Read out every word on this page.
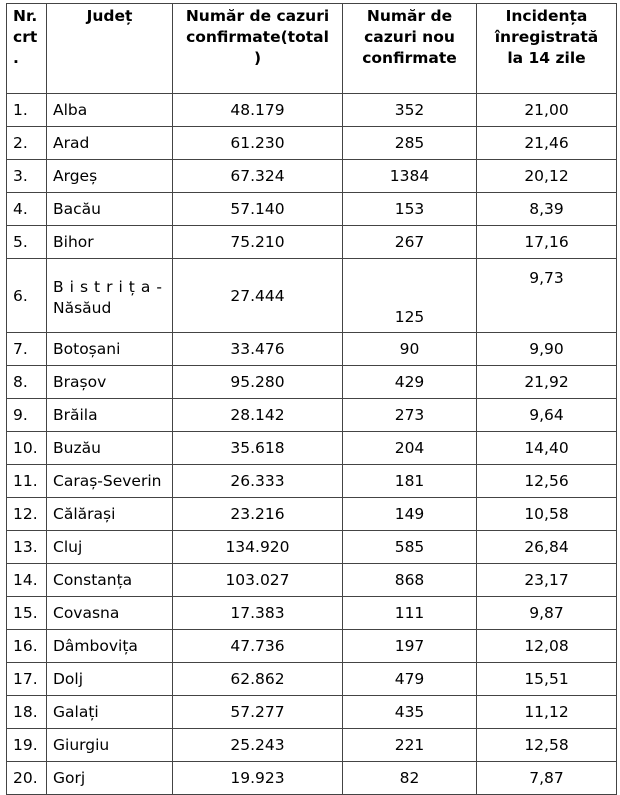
Nr.
crt
.	Județ	Număr de cazuri
confirmate(total
)	Număr de
cazuri nou
confirmate	Incidența
înregistrată
la 14 zile
1.	Alba	48.179	352	21,00
2.	Arad	61.230	285	21,46
3.	Argeș	67.324	1384	20,12
4.	Bacău	57.140	153	8,39
5.	Bihor	75.210	267	17,16
6.	Bistrița-
Năsăud	27.444	125	9,73
7.	Botoșani	33.476	90	9,90
8.	Brașov	95.280	429	21,92
9.	Brăila	28.142	273	9,64
10.	Buzău	35.618	204	14,40
11.	Caraș-Severin	26.333	181	12,56
12.	Călărași	23.216	149	10,58
13.	Cluj	134.920	585	26,84
14.	Constanța	103.027	868	23,17
15.	Covasna	17.383	111	9,87
16.	Dâmbovița	47.736	197	12,08
17.	Dolj	62.862	479	15,51
18.	Galați	57.277	435	11,12
19.	Giurgiu	25.243	221	12,58
20.	Gorj	19.923	82	7,87
